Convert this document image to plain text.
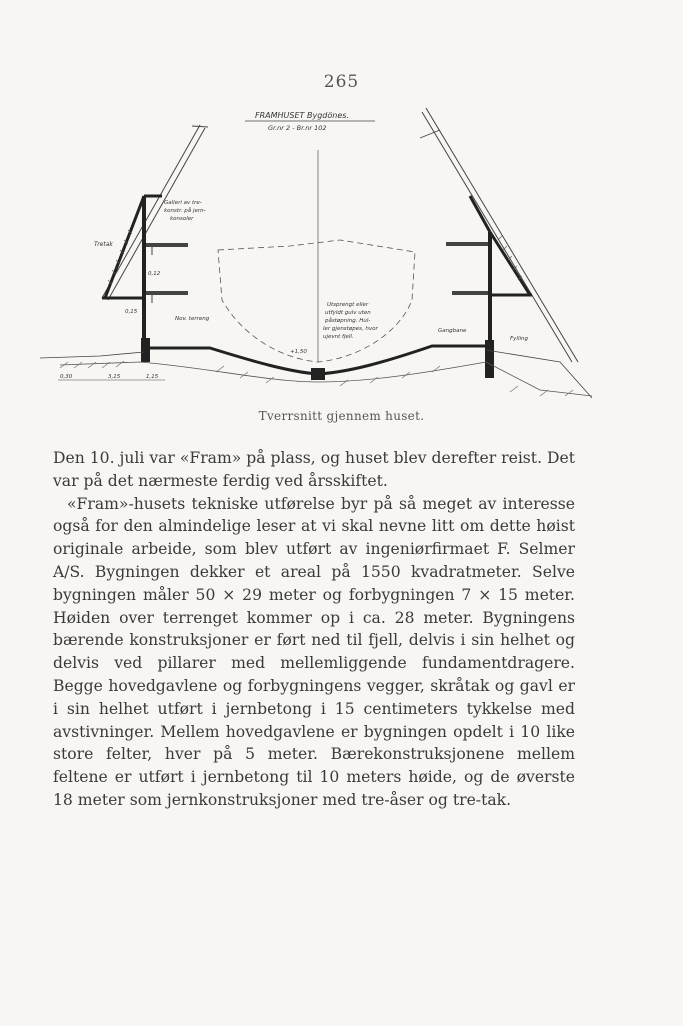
265
FRAMHUSET Bygdönes.
Gr.nr 2 - Br.nr 102
Galleri av tre- konstr. på jern- konsoler
Tretak
0,12
0,15
Nov. terreng
Utsprengt eller utfyldt gulv uten påstøpning. Hul- ler gjenstøpes, hvor ujevnt fjell.
Gangbane
Fylling
+1,50
0,30	3,15	1,15
Tverrsnitt gjennem huset.

Den 10. juli var «Fram» på plass, og huset blev derefter reist. Det var på det nærmeste ferdig ved årsskiftet.

«Fram»-husets tekniske utførelse byr på så meget av interesse også for den almindelige leser at vi skal nevne litt om dette høist originale arbeide, som blev utført av ingeniørfirmaet F. Selmer A/S. Bygningen dekker et areal på 1550 kvadratmeter. Selve bygningen måler 50 × 29 meter og forbygningen 7 × 15 meter. Høiden over terrenget kommer op i ca. 28 meter. Bygningens bærende konstruksjoner er ført ned til fjell, delvis i sin helhet og delvis ved pillarer med mellemliggende fundamentdragere. Begge hovedgavlene og forbygningens vegger, skråtak og gavl er i sin helhet utført i jernbetong i 15 centimeters tykkelse med avstivninger. Mellem hovedgavlene er bygningen opdelt i 10 like store felter, hver på 5 meter. Bærekonstruksjonene mellem feltene er utført i jernbetong til 10 meters høide, og de øverste 18 meter som jernkonstruksjoner med tre-åser og tre-tak.
